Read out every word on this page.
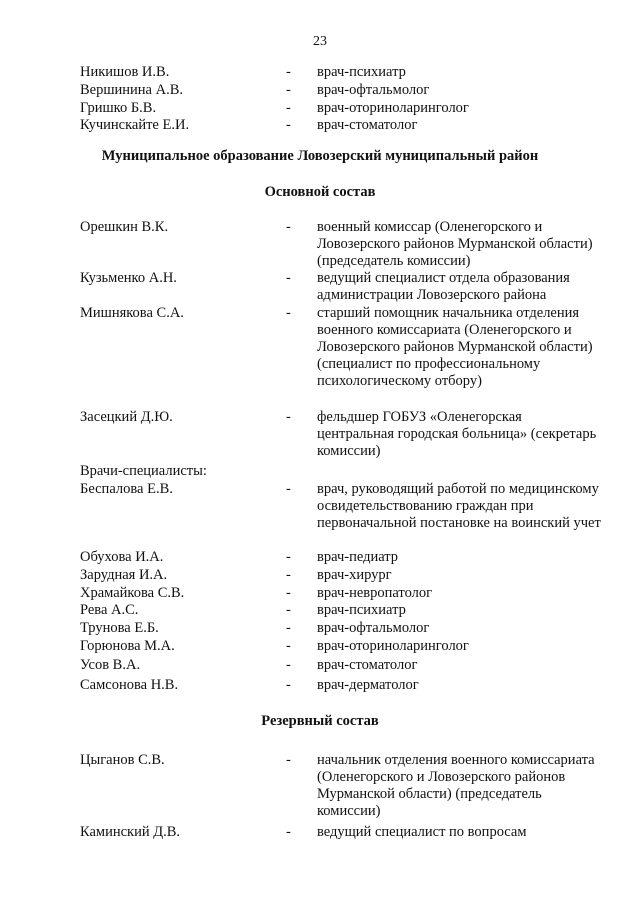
23
Никишов И.В.	- врач-психиатр
Вершинина А.В.	- врач-офтальмолог
Гришко Б.В.	- врач-оториноларинголог
Кучинскайте Е.И.	- врач-стоматолог
Муниципальное образование Ловозерский муниципальный район
Основной состав
Орешкин В.К.	- военный комиссар (Оленегорского и Ловозерского районов Мурманской области) (председатель комиссии)
Кузьменко А.Н.	- ведущий специалист отдела образования администрации Ловозерского района
Мишнякова С.А.	- старший помощник начальника отделения военного комиссариата (Оленегорского и Ловозерского районов Мурманской области) (специалист по профессиональному психологическому отбору)
Засецкий Д.Ю.	- фельдшер ГОБУЗ «Оленегорская центральная городская больница» (секретарь комиссии)
Врачи-специалисты:
Беспалова Е.В.	- врач, руководящий работой по медицинскому освидетельствованию граждан при первоначальной постановке на воинский учет
Обухова И.А.	- врач-педиатр
Зарудная И.А.	- врач-хирург
Храмайкова С.В.	- врач-невропатолог
Рева А.С.	- врач-психиатр
Трунова Е.Б.	- врач-офтальмолог
Горюнова М.А.	- врач-оториноларинголог
Усов В.А.	- врач-стоматолог
Самсонова Н.В.	- врач-дерматолог
Резервный состав
Цыганов С.В.	- начальник отделения военного комиссариата (Оленегорского и Ловозерского районов Мурманской области) (председатель комиссии)
Каминский Д.В.	- ведущий специалист по вопросам
